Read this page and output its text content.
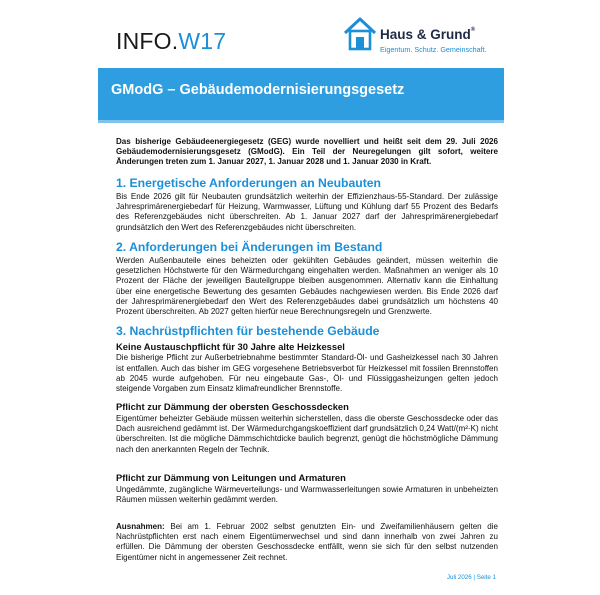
INFO.W17	Haus & Grund®
Eigentum. Schutz. Gemeinschaft.
GModG – Gebäudemodernisierungsgesetz

Das bisherige Gebäudeenergiegesetz (GEG) wurde novelliert und heißt seit dem 29. Juli 2026 Gebäudemodernisierungsgesetz (GModG). Ein Teil der Neuregelungen gilt sofort, weitere Änderungen treten zum 1. Januar 2027, 1. Januar 2028 und 1. Januar 2030 in Kraft.

1. Energetische Anforderungen an Neubauten

Bis Ende 2026 gilt für Neubauten grundsätzlich weiterhin der Effizienzhaus-55-Standard. Der zulässige Jahresprimärenergiebedarf für Heizung, Warmwasser, Lüftung und Kühlung darf 55 Prozent des Bedarfs des Referenzgebäudes nicht überschreiten. Ab 1. Januar 2027 darf der Jahresprimärenergiebedarf grundsätzlich den Wert des Referenzgebäudes nicht überschreiten.

2. Anforderungen bei Änderungen im Bestand

Werden Außenbauteile eines beheizten oder gekühlten Gebäudes geändert, müssen weiterhin die gesetzlichen Höchstwerte für den Wärmedurchgang eingehalten werden. Maßnahmen an weniger als 10 Prozent der Fläche der jeweiligen Bauteilgruppe bleiben ausgenommen. Alternativ kann die Einhaltung über eine energetische Bewertung des gesamten Gebäudes nachgewiesen werden. Bis Ende 2026 darf der Jahresprimärenergiebedarf den Wert des Referenzgebäudes dabei grundsätzlich um höchstens 40 Prozent überschreiten. Ab 2027 gelten hierfür neue Berechnungsregeln und Grenzwerte.

3. Nachrüstpflichten für bestehende Gebäude
Keine Austauschpflicht für 30 Jahre alte Heizkessel

Die bisherige Pflicht zur Außerbetriebnahme bestimmter Standard-Öl- und Gasheizkessel nach 30 Jahren ist entfallen. Auch das bisher im GEG vorgesehene Betriebsverbot für Heizkessel mit fossilen Brennstoffen ab 2045 wurde aufgehoben. Für neu eingebaute Gas-, Öl- und Flüssiggasheizungen gelten jedoch steigende Vorgaben zum Einsatz klimafreundlicher Brennstoffe.

Pflicht zur Dämmung der obersten Geschossdecken

Eigentümer beheizter Gebäude müssen weiterhin sicherstellen, dass die oberste Geschossdecke oder das Dach ausreichend gedämmt ist. Der Wärmedurchgangskoeffizient darf grundsätzlich 0,24 Watt/(m²·K) nicht überschreiten. Ist die mögliche Dämmschichtdicke baulich begrenzt, genügt die höchstmögliche Dämmung nach den anerkannten Regeln der Technik.

Pflicht zur Dämmung von Leitungen und Armaturen

Ungedämmte, zugängliche Wärmeverteilungs- und Warmwasserleitungen sowie Armaturen in unbeheizten Räumen müssen weiterhin gedämmt werden.

Ausnahmen: Bei am 1. Februar 2002 selbst genutzten Ein- und Zweifamilienhäusern gelten die Nachrüstpflichten erst nach einem Eigentümerwechsel und sind dann innerhalb von zwei Jahren zu erfüllen. Die Dämmung der obersten Geschossdecke entfällt, wenn sie sich für den selbst nutzenden Eigentümer nicht in angemessener Zeit rechnet.

Juli 2026 | Seite 1
